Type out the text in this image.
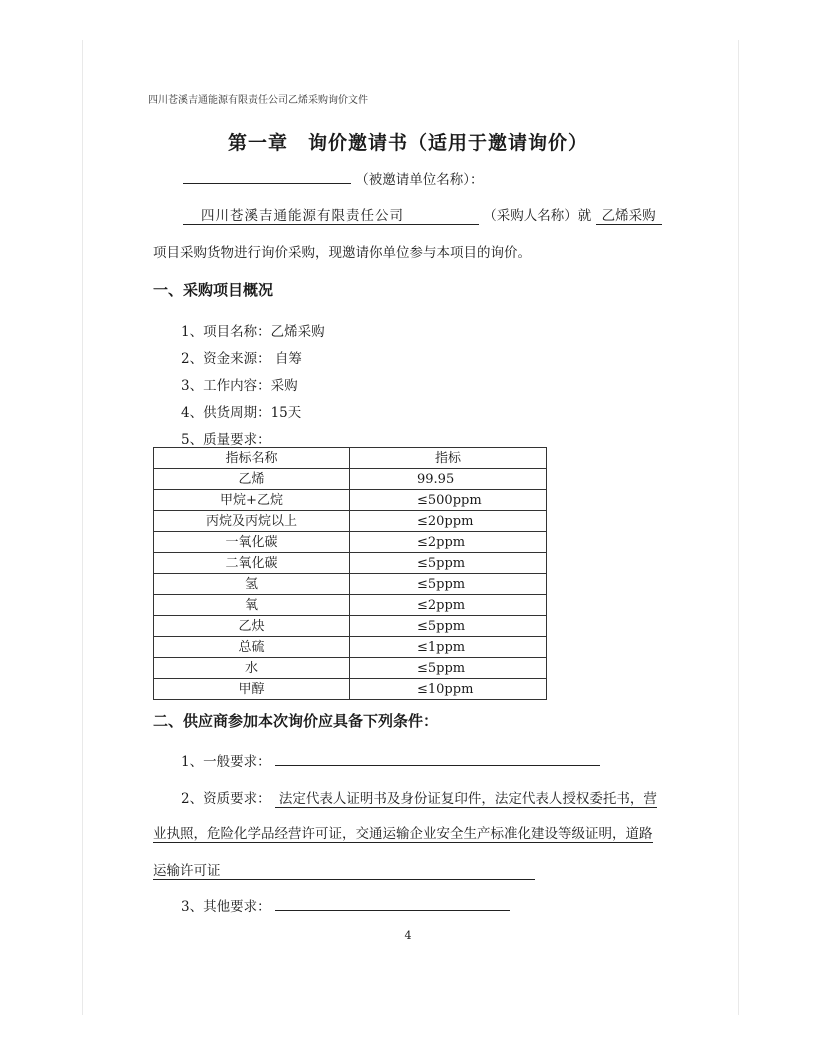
四川苍溪吉通能源有限责任公司乙烯采购询价文件
第一章　询价邀请书（适用于邀请询价）
（被邀请单位名称）：
四川苍溪吉通能源有限责任公司	（采购人名称）就 乙烯采购
项目采购货物进行询价采购，现邀请你单位参与本项目的询价。
一、采购项目概况
1、项目名称：乙烯采购
2、资金来源： 自筹
3、工作内容：采购
4、供货周期：15天
5、质量要求：
指标名称	指标
乙烯	99.95
甲烷+乙烷	≤500ppm
丙烷及丙烷以上	≤20ppm
一氧化碳	≤2ppm
二氧化碳	≤5ppm
氢	≤5ppm
氧	≤2ppm
乙炔	≤5ppm
总硫	≤1ppm
水	≤5ppm
甲醇	≤10ppm
二、供应商参加本次询价应具备下列条件：
1、一般要求：
2、资质要求： 法定代表人证明书及身份证复印件，法定代表人授权委托书，营
业执照，危险化学品经营许可证，交通运输企业安全生产标准化建设等级证明，道路
运输许可证
3、其他要求：
4
